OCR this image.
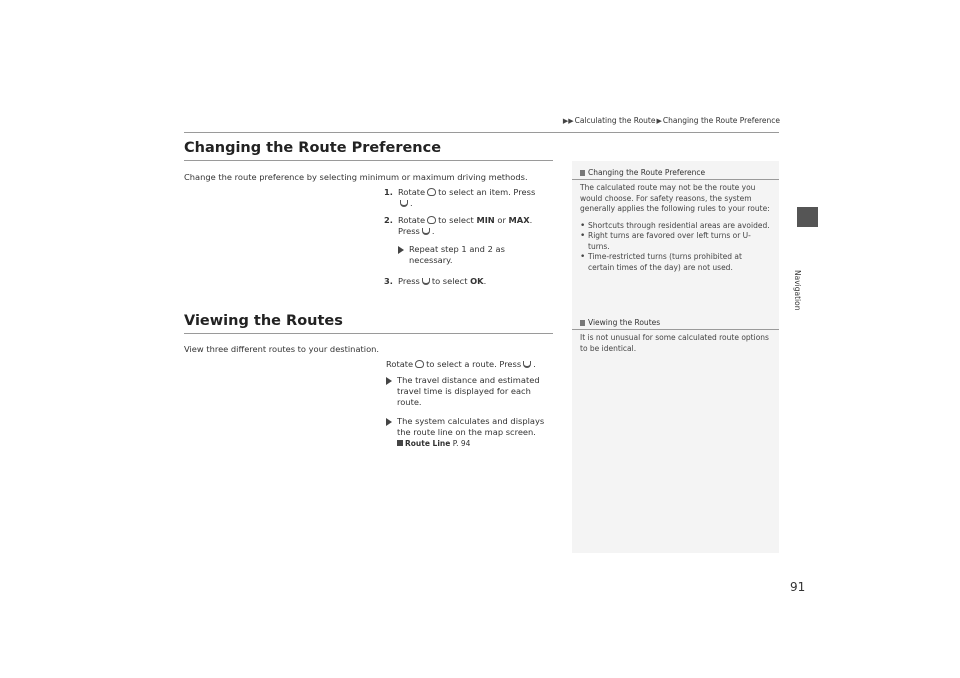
▶▶Calculating the Route▶Changing the Route Preference
Changing the Route Preference
Change the route preference by selecting minimum or maximum driving methods.
1. Rotate to select an item. Press
.
2. Rotate to select MIN or MAX.
Press .
Repeat step 1 and 2 as necessary.
3. Press to select OK.
Viewing the Routes
View three different routes to your destination.
Rotate to select a route. Press .
The travel distance and estimated travel time is displayed for each route.
The system calculates and displays the route line on the map screen.
Route Line P. 94
Changing the Route Preference
The calculated route may not be the route you would choose. For safety reasons, the system generally applies the following rules to your route:
• Shortcuts through residential areas are avoided.
• Right turns are favored over left turns or U-turns.
• Time-restricted turns (turns prohibited at certain times of the day) are not used.
Viewing the Routes
It is not unusual for some calculated route options to be identical.
Navigation
91
